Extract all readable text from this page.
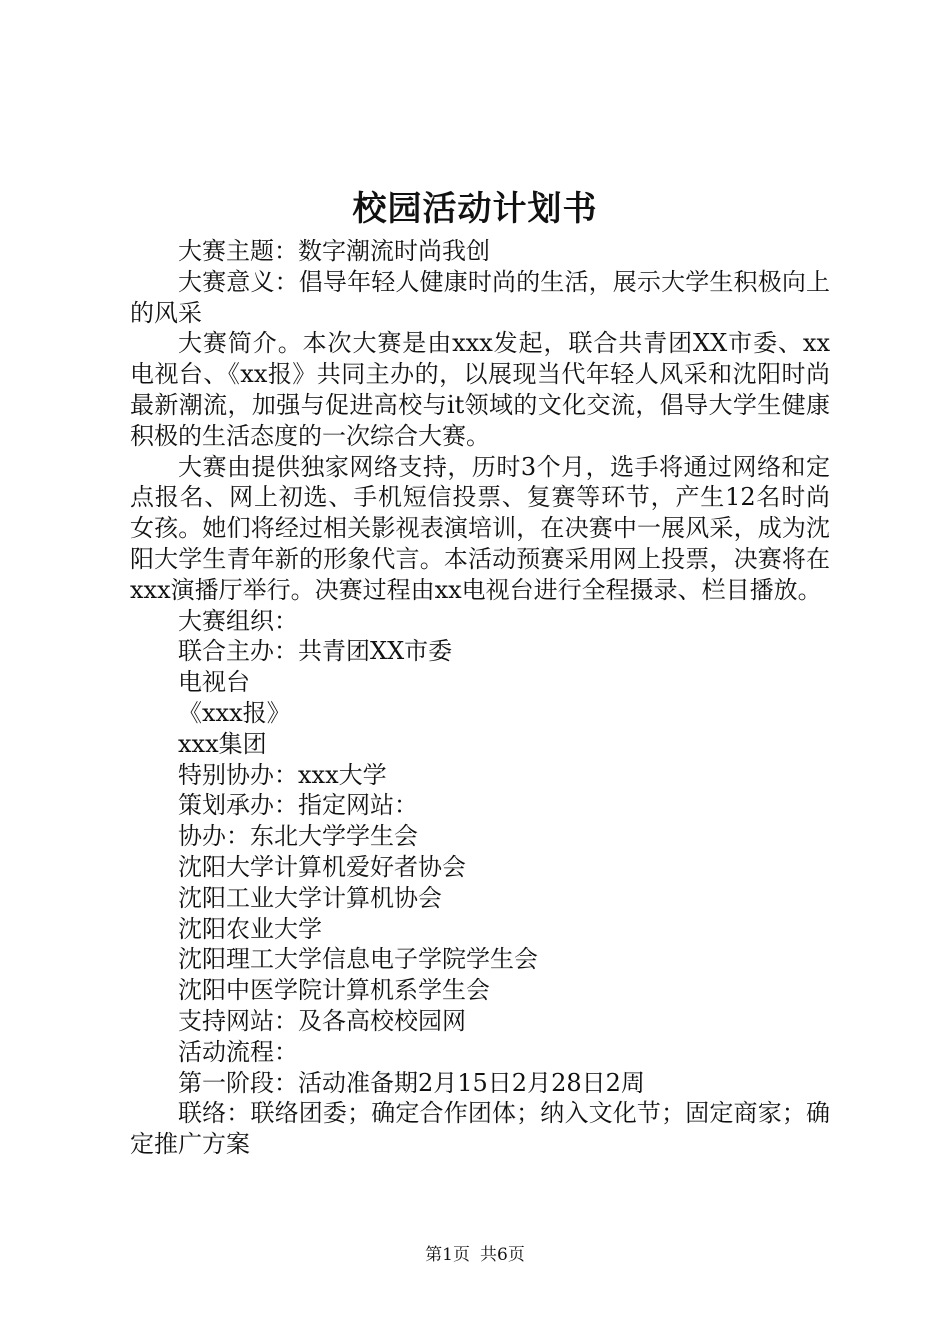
校园活动计划书

大赛主题：数字潮流时尚我创

大赛意义：倡导年轻人健康时尚的生活，展示大学生积极向上的风采

大赛简介。本次大赛是由xxx发起，联合共青团XX市委、xx电视台、《xx报》共同主办的，以展现当代年轻人风采和沈阳时尚最新潮流，加强与促进高校与it领域的文化交流，倡导大学生健康积极的生活态度的一次综合大赛。

大赛由提供独家网络支持，历时3个月，选手将通过网络和定点报名、网上初选、手机短信投票、复赛等环节，产生12名时尚女孩。她们将经过相关影视表演培训，在决赛中一展风采，成为沈阳大学生青年新的形象代言。本活动预赛采用网上投票，决赛将在xxx演播厅举行。决赛过程由xx电视台进行全程摄录、栏目播放。

大赛组织：

联合主办：共青团XX市委

电视台

《xxx报》

xxx集团

特别协办：xxx大学

策划承办：指定网站：

协办：东北大学学生会

沈阳大学计算机爱好者协会

沈阳工业大学计算机协会

沈阳农业大学

沈阳理工大学信息电子学院学生会

沈阳中医学院计算机系学生会

支持网站：及各高校校园网

活动流程：

第一阶段：活动准备期2月15日2月28日2周

联络：联络团委；确定合作团体；纳入文化节；固定商家；确定推广方案

第1页 共6页
